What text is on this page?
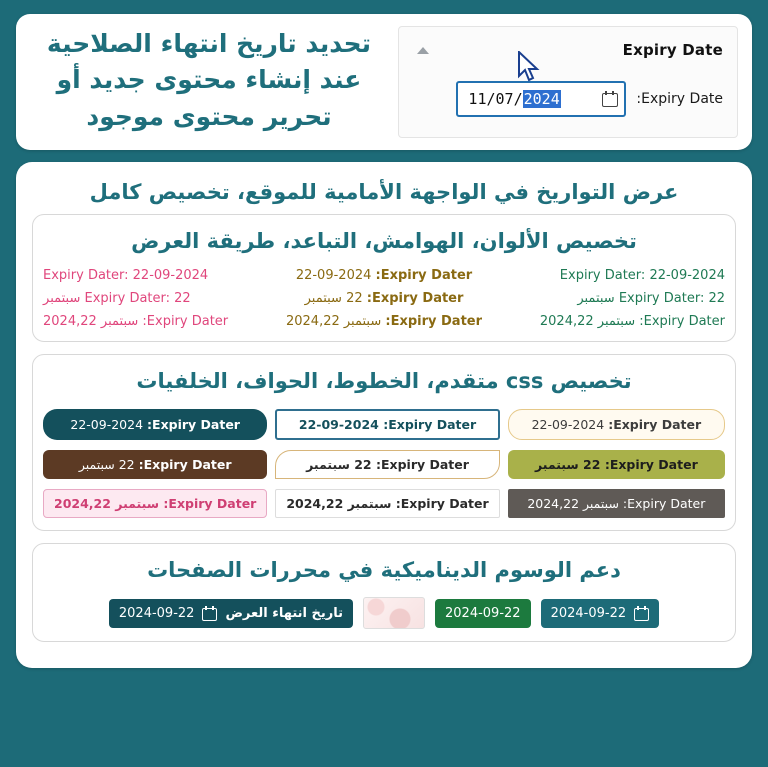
Expiry Date
:Expiry Date
11/07/2024
تحديد تاريخ انتهاء الصلاحية عند إنشاء محتوى جديد أو تحرير محتوى موجود
عرض التواريخ في الواجهة الأمامية للموقع، تخصيص كامل
تخصيص الألوان، الهوامش، التباعد، طريقة العرض
Expiry Dater: 22-09-2024
Expiry Dater:

22-09-2024
Expiry Dater: 22-09-2024
Expiry Dater: 22 سبتمبر
Expiry Dater:

22 سبتمبر
Expiry Dater: 22 سبتمبر
Expiry Dater: سبتمبر 2024,22
Expiry Dater:

سبتمبر 2024,22
Expiry Dater: سبتمبر 2024,22
تخصيص css متقدم، الخطوط، الحواف، الخلفيات
Expiry Dater:

22-09-2024
Expiry Dater:

22-09-2024
Expiry Dater:

22-09-2024
Expiry Dater:

22 سبتمبر
Expiry Dater:

22 سبتمبر
Expiry Dater:

22 سبتمبر
Expiry Dater:

سبتمبر 2024,22
Expiry Dater:

سبتمبر 2024,22
Expiry Dater:

سبتمبر 2024,22
دعم الوسوم الديناميكية في محررات الصفحات
2024-09-22
2024-09-22
2024-09-22 تاريخ انتهاء العرض
